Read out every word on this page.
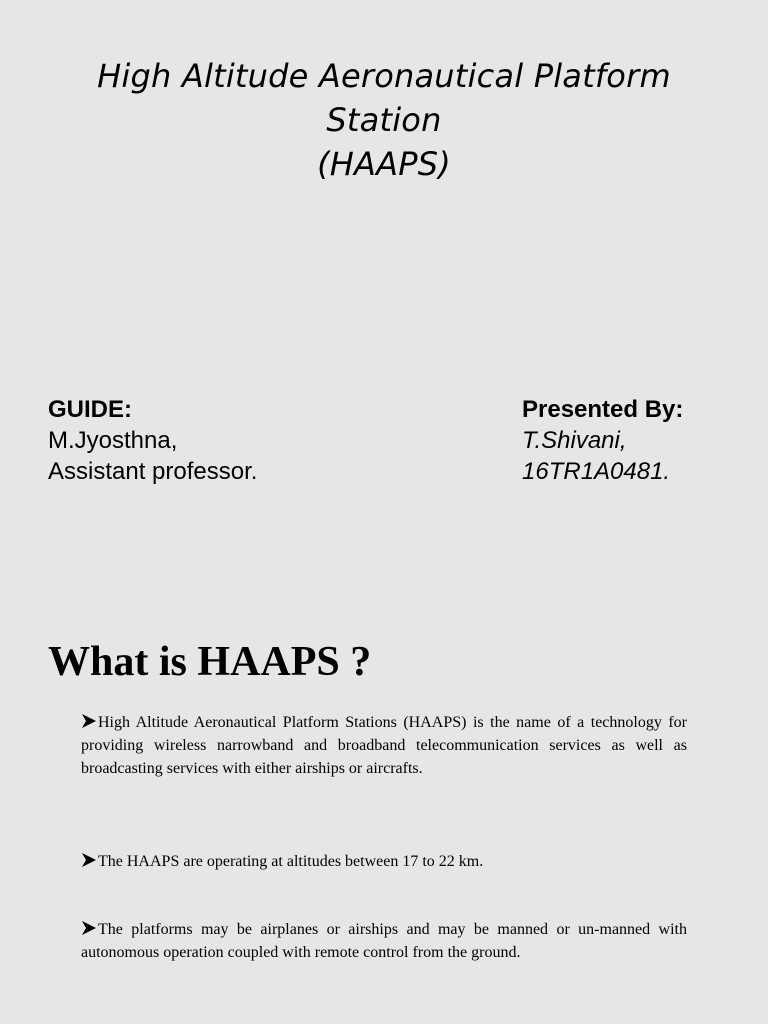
High Altitude Aeronautical Platform
Station
(HAAPS)
GUIDE:
M.Jyosthna,
Assistant professor.
Presented By:
T.Shivani,
16TR1A0481.
What is HAAPS ?

High Altitude Aeronautical Platform Stations (HAAPS) is the name of a technology for providing wireless narrowband and broadband telecommunication services as well as broadcasting services with either airships or aircrafts.

The HAAPS are operating at altitudes between 17 to 22 km.

The platforms may be airplanes or airships and may be manned or un-manned with autonomous operation coupled with remote control from the ground.
